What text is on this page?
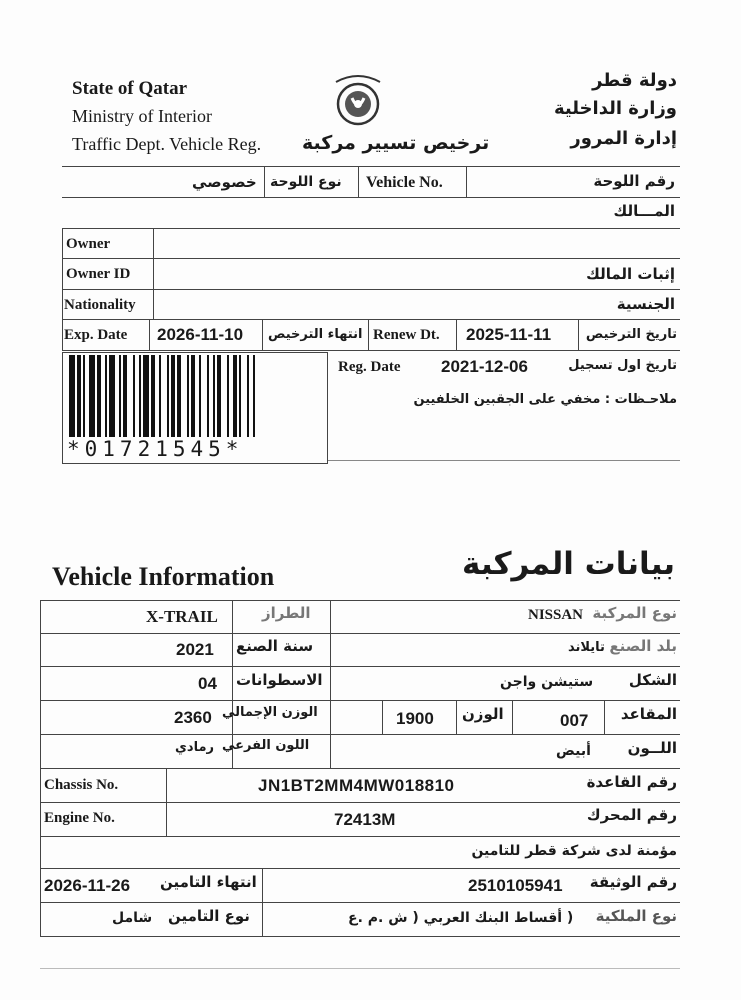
State of Qatar
Ministry of Interior
Traffic Dept. Vehicle Reg. ترخيص تسيير مركبة
دولة قطر
وزارة الداخلية
إدارة المرور
خصوصي نوع اللوحة Vehicle No.	رقم اللوحة
المـــالك
Owner
Owner ID	إثبات المالك
Nationality	الجنسية
Exp. Date 2026-11-10 انتهاء الترخيص Renew Dt. 2025-11-11	تاريخ الترخيص
*01721545*
Reg. Date 2021-12-06	تاريخ اول تسجيل
ملاحـظات : مخفي على الجقبين الخلفيين
Vehicle Information	بيانات المركبة
X-TRAIL	الطراز	NISSAN نوع المركبة
2021 سنة الصنع	تايلاند بلد الصنع
04 الاسطوانات	ستيشن واجن الشكل
2360 الوزن الإجمالي	1900 الوزن	007 المقاعد
رمادي اللون الفرعي	أبيض اللــون
Chassis No.	JN1BT2MM4MW018810	رقم القاعدة
Engine No.	72413M	رقم المحرك
مؤمنة لدى شركة قطر للتامين
2026-11-26 انتهاء التامين	2510105941 رقم الوثيقة
شامل نوع التامين	( أقساط البنك العربي ( ش .م .ع نوع الملكية
